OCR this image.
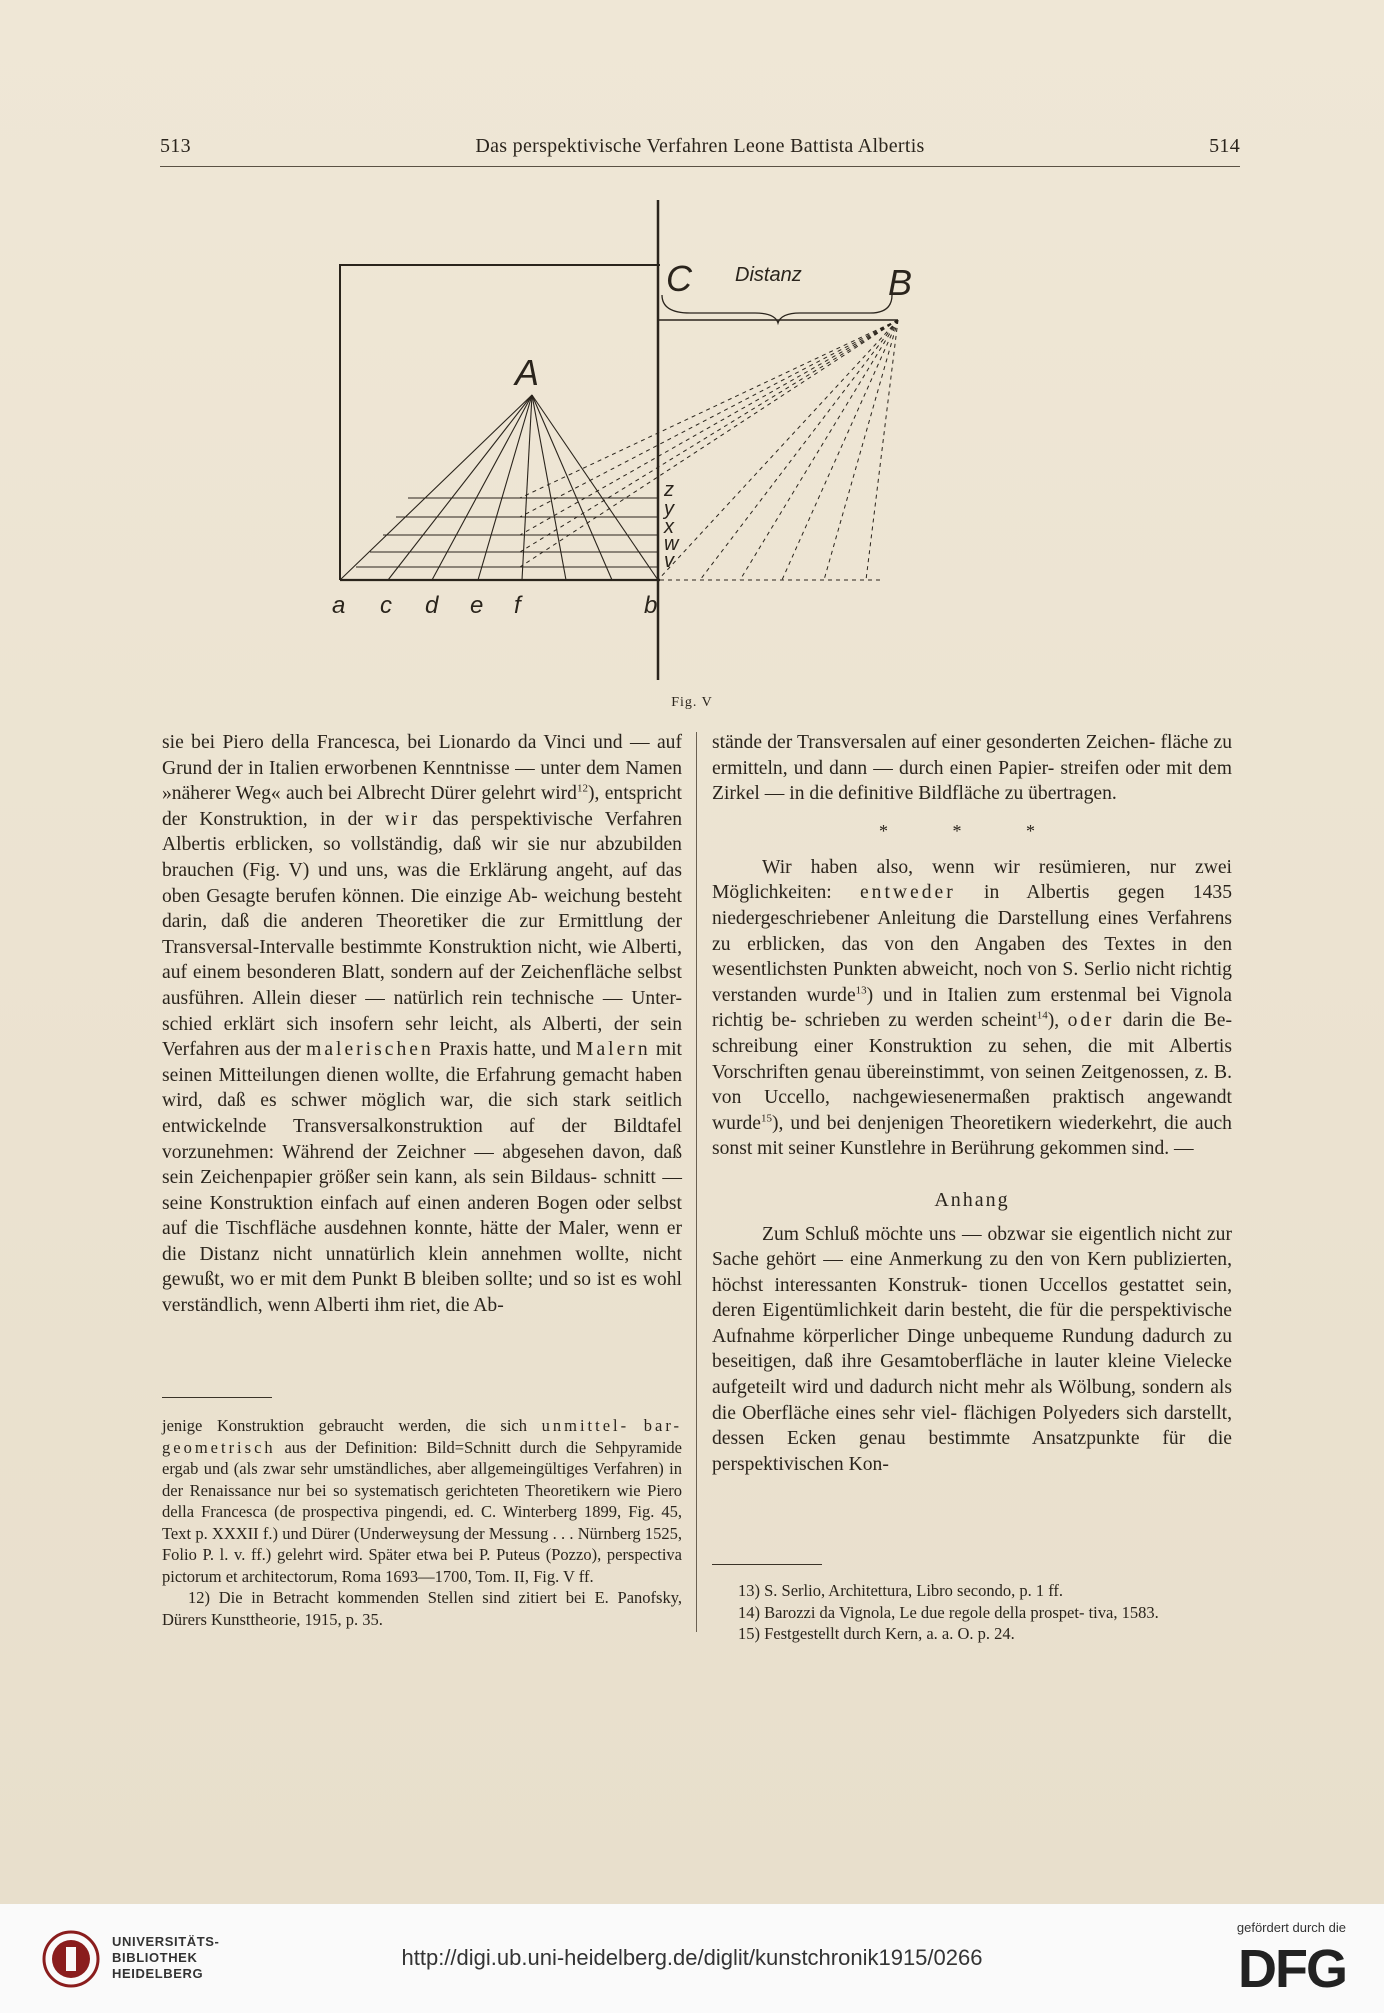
513	Das perspektivische Verfahren Leone Battista Albertis	514
A
C	B
Distanz
z
y
x
w
v
a c d e f	b
Fig. V

sie bei Piero della Francesca, bei Lionardo da Vinci und — auf Grund der in Italien erworbenen Kenntnisse — unter dem Namen »näherer Weg« auch bei Albrecht Dürer gelehrt wird$^{12}$), entspricht der Konstruktion, in der wir das perspektivische Verfahren Albertis erblicken, so vollständig, daß wir sie nur abzubilden brauchen (Fig. V) und uns, was die Erklärung angeht, auf das oben Gesagte berufen können. Die einzige Ab- weichung besteht darin, daß die anderen Theoretiker die zur Ermittlung der Transversal-Intervalle bestimmte Konstruktion nicht, wie Alberti, auf einem besonderen Blatt, sondern auf der Zeichenfläche selbst ausführen. Allein dieser — natürlich rein technische — Unter- schied erklärt sich insofern sehr leicht, als Alberti, der sein Verfahren aus der malerischen Praxis hatte, und Malern mit seinen Mitteilungen dienen wollte, die Erfahrung gemacht haben wird, daß es schwer möglich war, die sich stark seitlich entwickelnde Transversalkonstruktion auf der Bildtafel vorzunehmen: Während der Zeichner — abgesehen davon, daß sein Zeichenpapier größer sein kann, als sein Bildaus- schnitt — seine Konstruktion einfach auf einen anderen Bogen oder selbst auf die Tischfläche ausdehnen konnte, hätte der Maler, wenn er die Distanz nicht unnatürlich klein annehmen wollte, nicht gewußt, wo er mit dem Punkt B bleiben sollte; und so ist es wohl verständlich, wenn Alberti ihm riet, die Ab-

jenige Konstruktion gebraucht werden, die sich unmittel- bar-geometrisch aus der Definition: Bild=Schnitt durch die Sehpyramide ergab und (als zwar sehr umständliches, aber allgemeingültiges Verfahren) in der Renaissance nur bei so systematisch gerichteten Theoretikern wie Piero della Francesca (de prospectiva pingendi, ed. C. Winterberg 1899, Fig. 45, Text p. XXXII f.) und Dürer (Underweysung der Messung . . . Nürnberg 1525, Folio P. l. v. ff.) gelehrt wird. Später etwa bei P. Puteus (Pozzo), perspectiva pictorum et architectorum, Roma 1693—1700, Tom. II, Fig. V ff.

12) Die in Betracht kommenden Stellen sind zitiert bei E. Panofsky, Dürers Kunsttheorie, 1915, p. 35.

stände der Transversalen auf einer gesonderten Zeichen- fläche zu ermitteln, und dann — durch einen Papier- streifen oder mit dem Zirkel — in die definitive Bildfläche zu übertragen.

* * *

Wir haben also, wenn wir resümieren, nur zwei Möglichkeiten: entweder in Albertis gegen 1435 niedergeschriebener Anleitung die Darstellung eines Verfahrens zu erblicken, das von den Angaben des Textes in den wesentlichsten Punkten abweicht, noch von S. Serlio nicht richtig verstanden wurde$^{13}$) und in Italien zum erstenmal bei Vignola richtig be- schrieben zu werden scheint$^{14}$), oder darin die Be- schreibung einer Konstruktion zu sehen, die mit Albertis Vorschriften genau übereinstimmt, von seinen Zeitgenossen, z. B. von Uccello, nachgewiesenermaßen praktisch angewandt wurde$^{15}$), und bei denjenigen Theoretikern wiederkehrt, die auch sonst mit seiner Kunstlehre in Berührung gekommen sind. —

Anhang

Zum Schluß möchte uns — obzwar sie eigentlich nicht zur Sache gehört — eine Anmerkung zu den von Kern publizierten, höchst interessanten Konstruk- tionen Uccellos gestattet sein, deren Eigentümlichkeit darin besteht, die für die perspektivische Aufnahme körperlicher Dinge unbequeme Rundung dadurch zu beseitigen, daß ihre Gesamtoberfläche in lauter kleine Vielecke aufgeteilt wird und dadurch nicht mehr als Wölbung, sondern als die Oberfläche eines sehr viel- flächigen Polyeders sich darstellt, dessen Ecken genau bestimmte Ansatzpunkte für die perspektivischen Kon-

13) S. Serlio, Architettura, Libro secondo, p. 1 ff.

14) Barozzi da Vignola, Le due regole della prospet- tiva, 1583.

15) Festgestellt durch Kern, a. a. O. p. 24.

UNIVERSITÄTS-
BIBLIOTHEK
HEIDELBERG
http://digi.ub.uni-heidelberg.de/diglit/kunstchronik1915/0266
gefördert durch die
DFG
